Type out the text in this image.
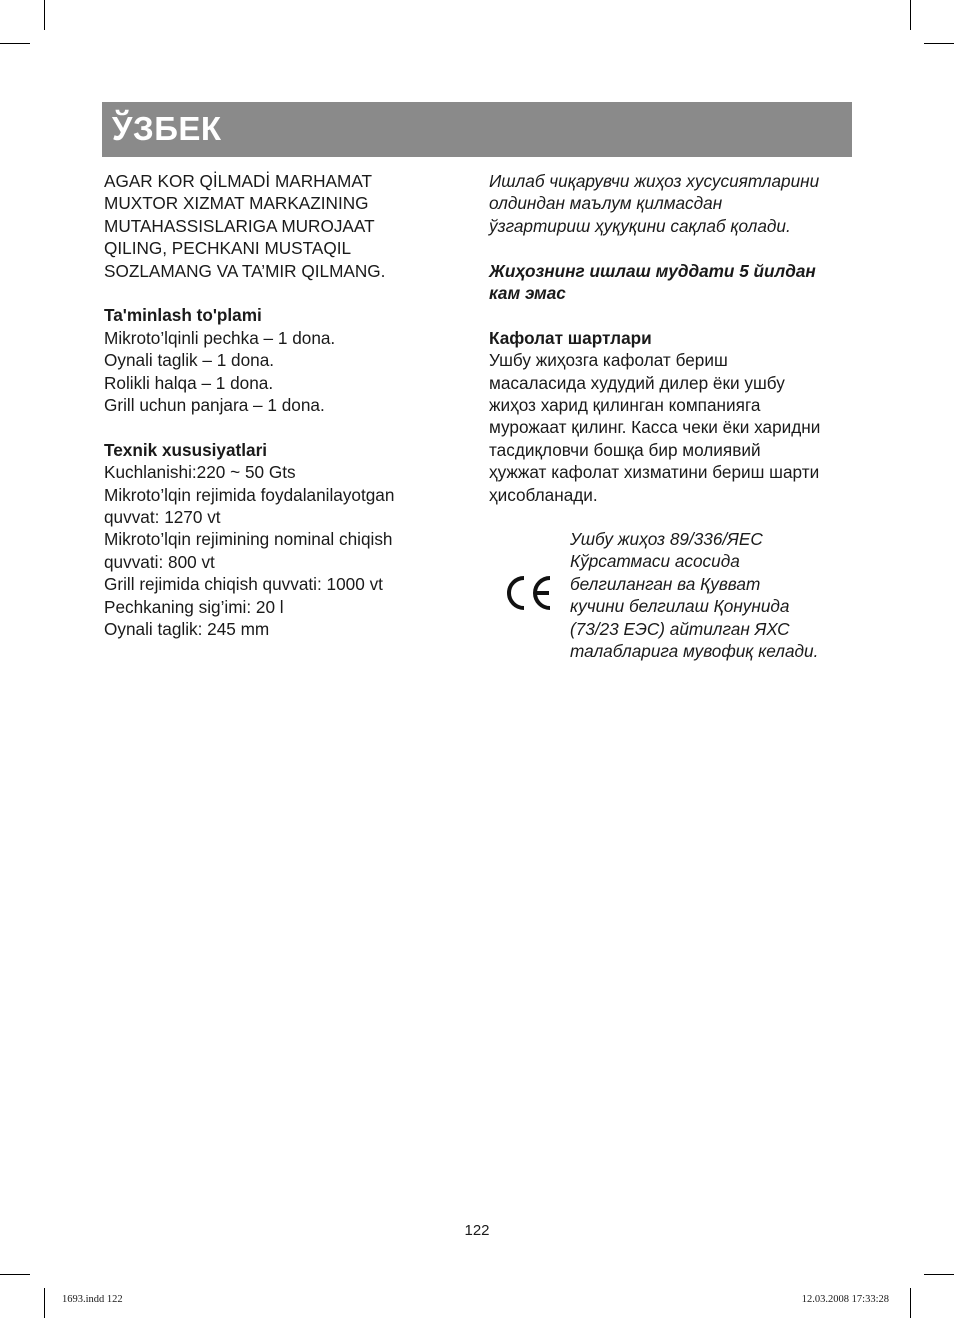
ЎЗБЕК
AGAR KOR QİLMADİ MARHAMAT
MUXTOR XIZMAT MARKAZINING
MUTAHASSISLARIGA MUROJAAT
QILING, PECHKANI MUSTAQIL
SOZLAMANG VA TA’MIR QILMANG.
Ta'minlash to'plami
Mikroto’lqinli pechka – 1 dona.
Oynali taglik – 1 dona.
Rolikli halqa – 1 dona.
Grill uchun panjara – 1 dona.
Texnik xususiyatlari
Kuchlanishi:220 ~ 50 Gts
Mikroto’lqin rejimida foydalanilayotgan
quvvat: 1270 vt
Mikroto’lqin rejimining nominal chiqish
quvvati: 800 vt
Grill rejimida chiqish quvvati: 1000 vt
Pechkaning sig’imi: 20 l
Oynali taglik: 245 mm
Ишлаб чиқарувчи жиҳоз хусусиятларини
олдиндан маълум қилмасдан
ўзгартириш ҳуқуқини сақлаб қолади.
Жиҳознинг ишлаш муддати 5 йилдан
кам эмас
Кафолат шартлари
Ушбу жиҳозга кафолат бериш
масаласида худудий дилер ёки ушбу
жиҳоз харид қилинган компанияга
мурожаат қилинг. Касса чеки ёки харидни
тасдиқловчи бошқа бир молиявий
ҳужжат кафолат хизматини бериш шарти
ҳисобланади.
Ушбу жиҳоз 89/336/ЯЕС
Кўрсатмаси асосида
белгиланган ва Қувват
кучини белгилаш Қонунида
(73/23 ЕЭС) айтилган ЯХС
талабларига мувофиқ келади.
122
1693.indd 122	12.03.2008 17:33:28
